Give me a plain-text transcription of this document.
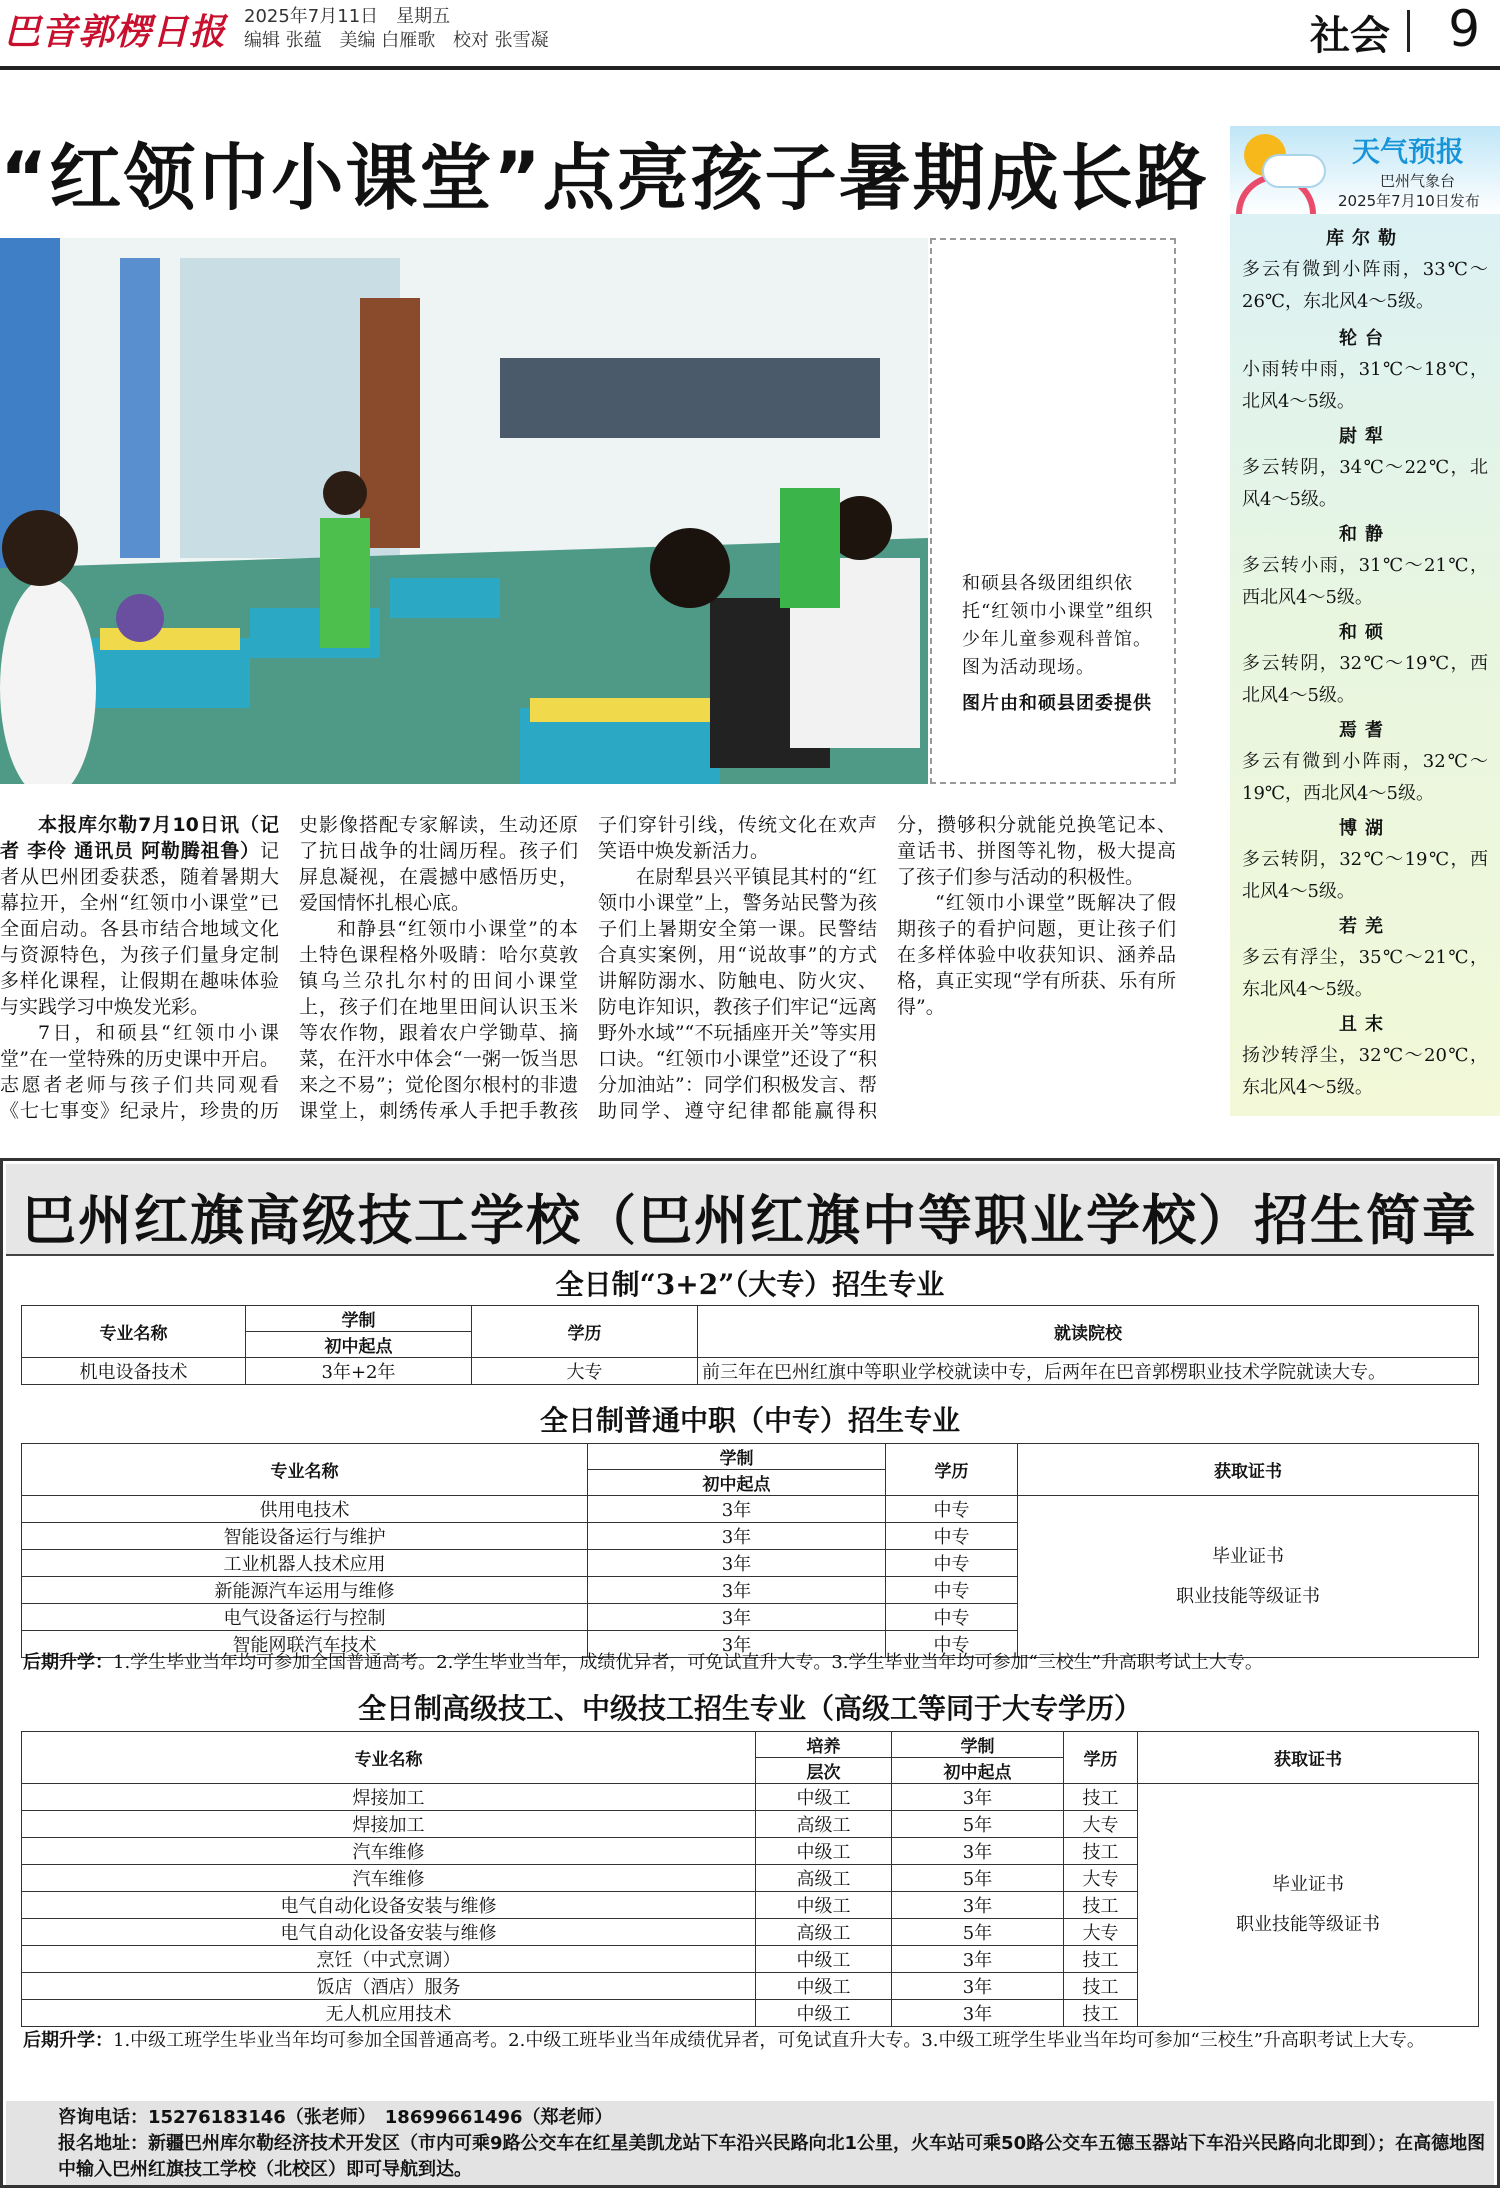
巴音郭楞日报 2025年7月11日　星期五
编辑 张蕴 美编 白雁歌 校对 张雪凝	社会 9
“红领巾小课堂”点亮孩子暑期成长路
和硕县各级团组织依托“红领巾小课堂”组织少年儿童参观科普馆。图为活动现场。
图片由和硕县团委提供

本报库尔勒7月10日讯（记者 李伶 通讯员 阿勒腾祖鲁）记者从巴州团委获悉，随着暑期大幕拉开，全州“红领巾小课堂”已全面启动。各县市结合地域文化与资源特色，为孩子们量身定制多样化课程，让假期在趣味体验与实践学习中焕发光彩。

7日，和硕县“红领巾小课堂”在一堂特殊的历史课中开启。志愿者老师与孩子们共同观看《七七事变》纪录片，珍贵的历史影像搭配专家解读，生动还原了抗日战争的壮阔历程。孩子们屏息凝视，在震撼中感悟历史，爱国情怀扎根心底。

和静县“红领巾小课堂”的本土特色课程格外吸睛：哈尔莫敦镇乌兰尕扎尔村的田间小课堂上，孩子们在地里田间认识玉米等农作物，跟着农户学锄草、摘菜，在汗水中体会“一粥一饭当思来之不易”；觉伦图尔根村的非遗课堂上，刺绣传承人手把手教孩子们穿针引线，传统文化在欢声笑语中焕发新活力。

在尉犁县兴平镇昆其村的“红领巾小课堂”上，警务站民警为孩子们上暑期安全第一课。民警结合真实案例，用“说故事”的方式讲解防溺水、防触电、防火灾、防电诈知识，教孩子们牢记“远离野外水域”“不玩插座开关”等实用口诀。“红领巾小课堂”还设了“积分加油站”：同学们积极发言、帮助同学、遵守纪律都能赢得积分，攒够积分就能兑换笔记本、童话书、拼图等礼物，极大提高了孩子们参与活动的积极性。

“红领巾小课堂”既解决了假期孩子的看护问题，更让孩子们在多样体验中收获知识、涵养品格，真正实现“学有所获、乐有所得”。

天气预报
巴州气象台
2025年7月10日发布
库尔勒
多云有微到小阵雨，33℃～26℃，东北风4～5级。
轮台
小雨转中雨，31℃～18℃，北风4～5级。
尉犁
多云转阴，34℃～22℃，北风4～5级。
和静
多云转小雨，31℃～21℃，西北风4～5级。
和硕
多云转阴，32℃～19℃，西北风4～5级。
焉耆
多云有微到小阵雨，32℃～19℃，西北风4～5级。
博湖
多云转阴，32℃～19℃，西北风4～5级。
若羌
多云有浮尘，35℃～21℃，东北风4～5级。
且末
扬沙转浮尘，32℃～20℃，东北风4～5级。
巴州红旗高级技工学校（巴州红旗中等职业学校）招生简章
全日制“3+2”（大专）招生专业
专业名称	学制	学历	就读院校
	初中起点		
机电设备技术	3年+2年	大专	前三年在巴州红旗中等职业学校就读中专，后两年在巴音郭楞职业技术学院就读大专。
全日制普通中职（中专）招生专业
专业名称	学制	学历	获取证书
	初中起点		
供用电技术	3年	中专	毕业证书
职业技能等级证书
智能设备运行与维护	3年	中专	
工业机器人技术应用	3年	中专	
新能源汽车运用与维修	3年	中专	
电气设备运行与控制	3年	中专	
智能网联汽车技术	3年	中专	
后期升学：1.学生毕业当年均可参加全国普通高考。2.学生毕业当年，成绩优异者，可免试直升大专。3.学生毕业当年均可参加“三校生”升高职考试上大专。
全日制高级技工、中级技工招生专业（高级工等同于大专学历）
专业名称	培养	学制	学历	获取证书
	层次	初中起点		
焊接加工	中级工	3年	技工	毕业证书
职业技能等级证书
焊接加工	高级工	5年	大专	
汽车维修	中级工	3年	技工	
汽车维修	高级工	5年	大专	
电气自动化设备安装与维修	中级工	3年	技工	
电气自动化设备安装与维修	高级工	5年	大专	
烹饪（中式烹调）	中级工	3年	技工	
饭店（酒店）服务	中级工	3年	技工	
无人机应用技术	中级工	3年	技工	
后期升学：1.中级工班学生毕业当年均可参加全国普通高考。2.中级工班毕业当年成绩优异者，可免试直升大专。3.中级工班学生毕业当年均可参加“三校生”升高职考试上大专。
咨询电话：15276183146（张老师）　18699661496（郑老师）
报名地址：新疆巴州库尔勒经济技术开发区（市内可乘9路公交车在红星美凯龙站下车沿兴民路向北1公里，火车站可乘50路公交车五德玉器站下车沿兴民路向北即到）；在高德地图中输入巴州红旗技工学校（北校区）即可导航到达。
